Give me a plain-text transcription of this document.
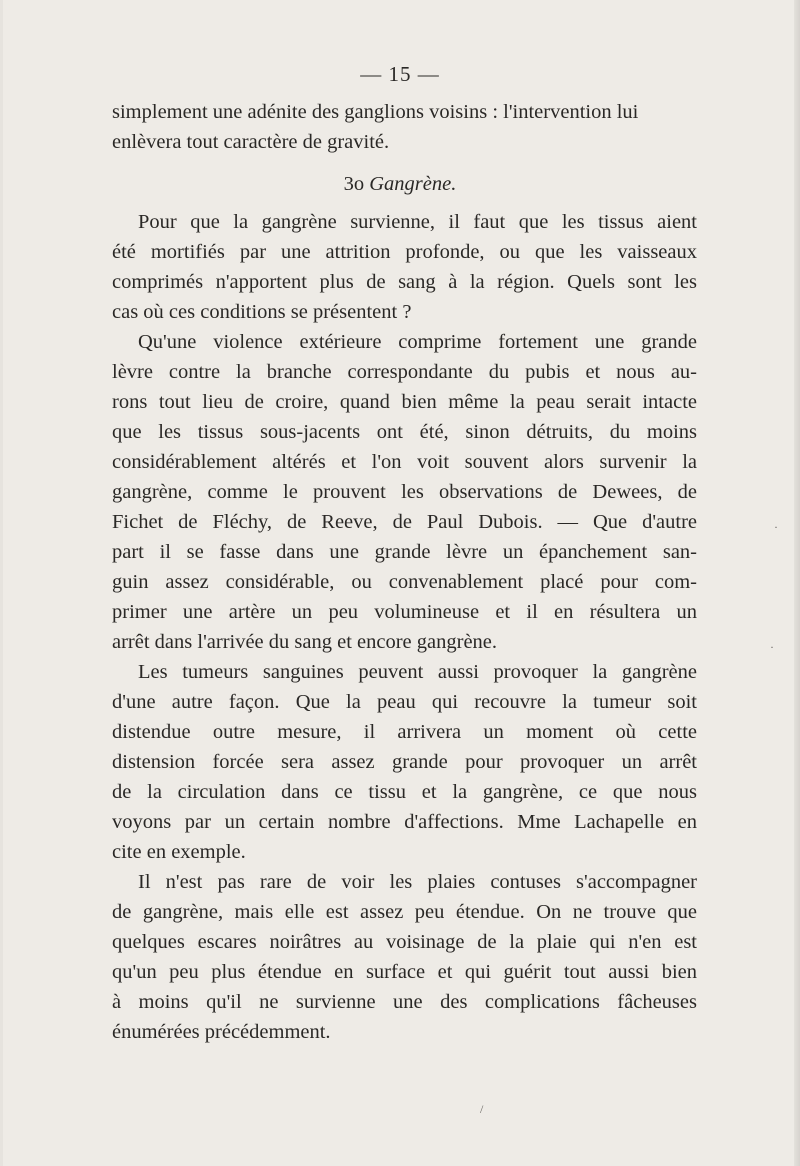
— 15 —
simplement une adénite des ganglions voisins : l'intervention lui
enlèvera tout caractère de gravité.
3o Gangrène.
Pour que la gangrène survienne, il faut que les tissus aient
été mortifiés par une attrition profonde, ou que les vaisseaux
comprimés n'apportent plus de sang à la région. Quels sont les
cas où ces conditions se présentent ?
Qu'une violence extérieure comprime fortement une grande
lèvre contre la branche correspondante du pubis et nous au-
rons tout lieu de croire, quand bien même la peau serait intacte
que les tissus sous-jacents ont été, sinon détruits, du moins
considérablement altérés et l'on voit souvent alors survenir la
gangrène, comme le prouvent les observations de Dewees, de
Fichet de Fléchy, de Reeve, de Paul Dubois. — Que d'autre
part il se fasse dans une grande lèvre un épanchement san-
guin assez considérable, ou convenablement placé pour com-
primer une artère un peu volumineuse et il en résultera un
arrêt dans l'arrivée du sang et encore gangrène.
Les tumeurs sanguines peuvent aussi provoquer la gangrène
d'une autre façon. Que la peau qui recouvre la tumeur soit
distendue outre mesure, il arrivera un moment où cette
distension forcée sera assez grande pour provoquer un arrêt
de la circulation dans ce tissu et la gangrène, ce que nous
voyons par un certain nombre d'affections. Mme Lachapelle en
cite en exemple.
Il n'est pas rare de voir les plaies contuses s'accompagner
de gangrène, mais elle est assez peu étendue. On ne trouve que
quelques escares noirâtres au voisinage de la plaie qui n'en est
qu'un peu plus étendue en surface et qui guérit tout aussi bien
à moins qu'il ne survienne une des complications fâcheuses
énumérées précédemment.
·
·
/
